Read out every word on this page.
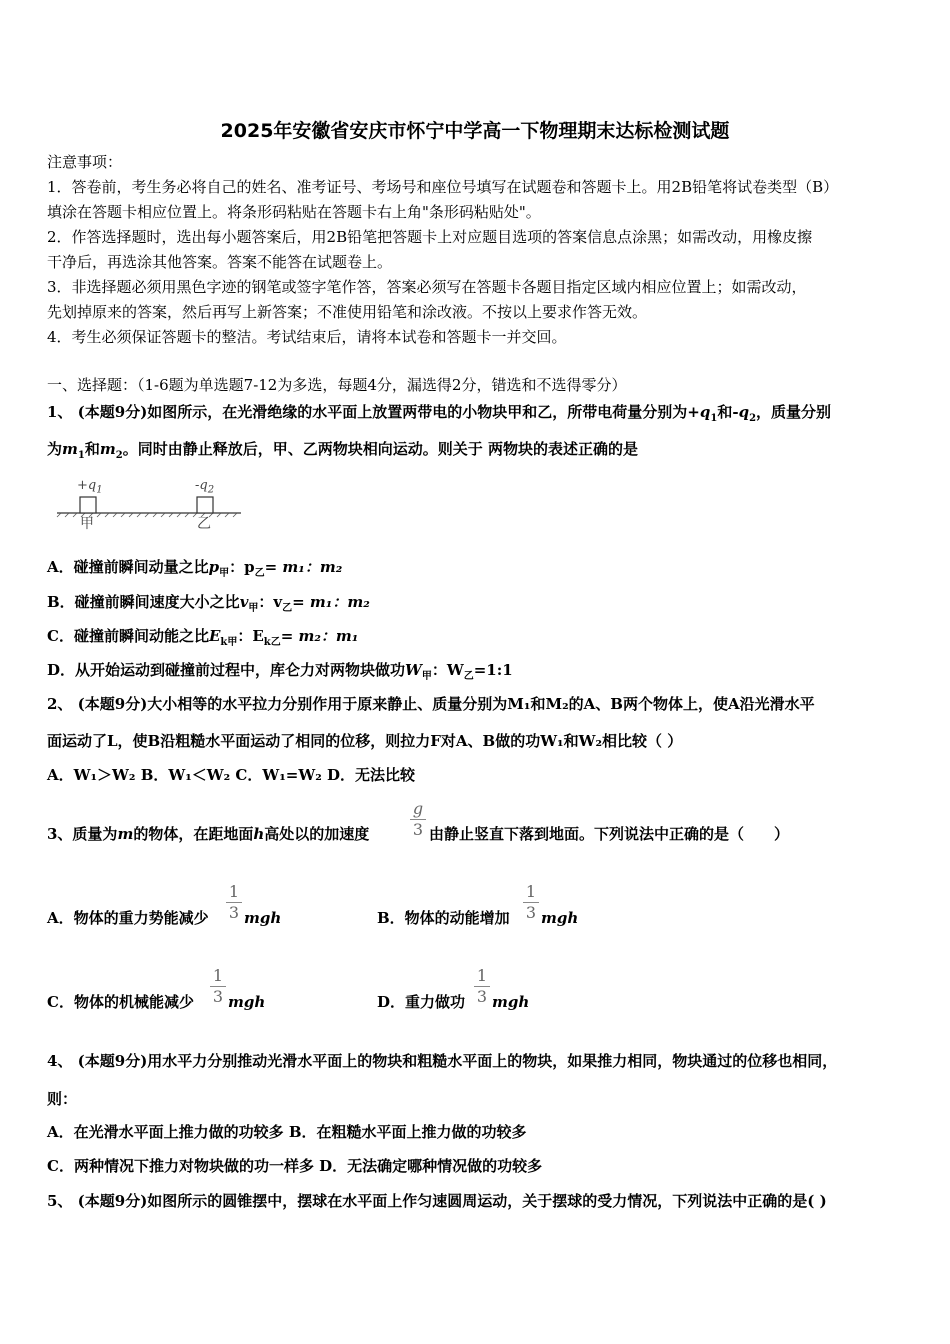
2025年安徽省安庆市怀宁中学高一下物理期末达标检测试题
注意事项：
1．答卷前，考生务必将自己的姓名、准考证号、考场号和座位号填写在试题卷和答题卡上。用2B铅笔将试卷类型（B）
填涂在答题卡相应位置上。将条形码粘贴在答题卡右上角"条形码粘贴处"。
2．作答选择题时，选出每小题答案后，用2B铅笔把答题卡上对应题目选项的答案信息点涂黑；如需改动，用橡皮擦
干净后，再选涂其他答案。答案不能答在试题卷上。
3．非选择题必须用黑色字迹的钢笔或签字笔作答，答案必须写在答题卡各题目指定区域内相应位置上；如需改动，
先划掉原来的答案，然后再写上新答案；不准使用铅笔和涂改液。不按以上要求作答无效。
4．考生必须保证答题卡的整洁。考试结束后，请将本试卷和答题卡一并交回。
一、选择题：（1-6题为单选题7-12为多选，每题4分，漏选得2分，错选和不选得零分）
1、 (本题9分)如图所示，在光滑绝缘的水平面上放置两带电的小物块甲和乙，所带电荷量分别为$+q_1$和$-q_2$，质量分别
为$m_1$和$m_2$。同时由静止释放后，甲、乙两物块相向运动。则关于 两物块的表述正确的是
$+q_1$	$-q_2$
甲	乙
A．碰撞前瞬间动量之比$p_甲$：$p_乙= m_1$：m₂
B．碰撞前瞬间速度大小之比$v_甲$：$v_乙= m_1$：m₂
C．碰撞前瞬间动能之比$E_{k甲}$：$E_{k乙}= m_2$：m₁
D．从开始运动到碰撞前过程中，库仑力对两物块做功$W_甲$：$W_乙=1:1$
2、 (本题9分)大小相等的水平拉力分别作用于原来静止、质量分别为M₁和M₂的A、B两个物体上，使A沿光滑水平
面运动了L，使B沿粗糙水平面运动了相同的位移，则拉力F对A、B做的功W₁和W₂相比较（ ）
A．W₁＞W₂ B．W₁＜W₂ C．W₁=W₂ D．无法比较
g
3
3、质量为m的物体，在距地面h高处以的加速度	由静止竖直下落到地面。下列说法中正确的是（　　）
A．物体的重力势能减少
1
3 mgh	B．物体的动能增加
1
3 mgh
C．物体的机械能减少
1
3 mgh	D．重力做功
1
3 mgh
4、 (本题9分)用水平力分别推动光滑水平面上的物块和粗糙水平面上的物块，如果推力相同，物块通过的位移也相同，
则：
A．在光滑水平面上推力做的功较多 B．在粗糙水平面上推力做的功较多
C．两种情况下推力对物块做的功一样多 D．无法确定哪种情况做的功较多
5、 (本题9分)如图所示的圆锥摆中，摆球在水平面上作匀速圆周运动，关于摆球的受力情况，下列说法中正确的是( )
